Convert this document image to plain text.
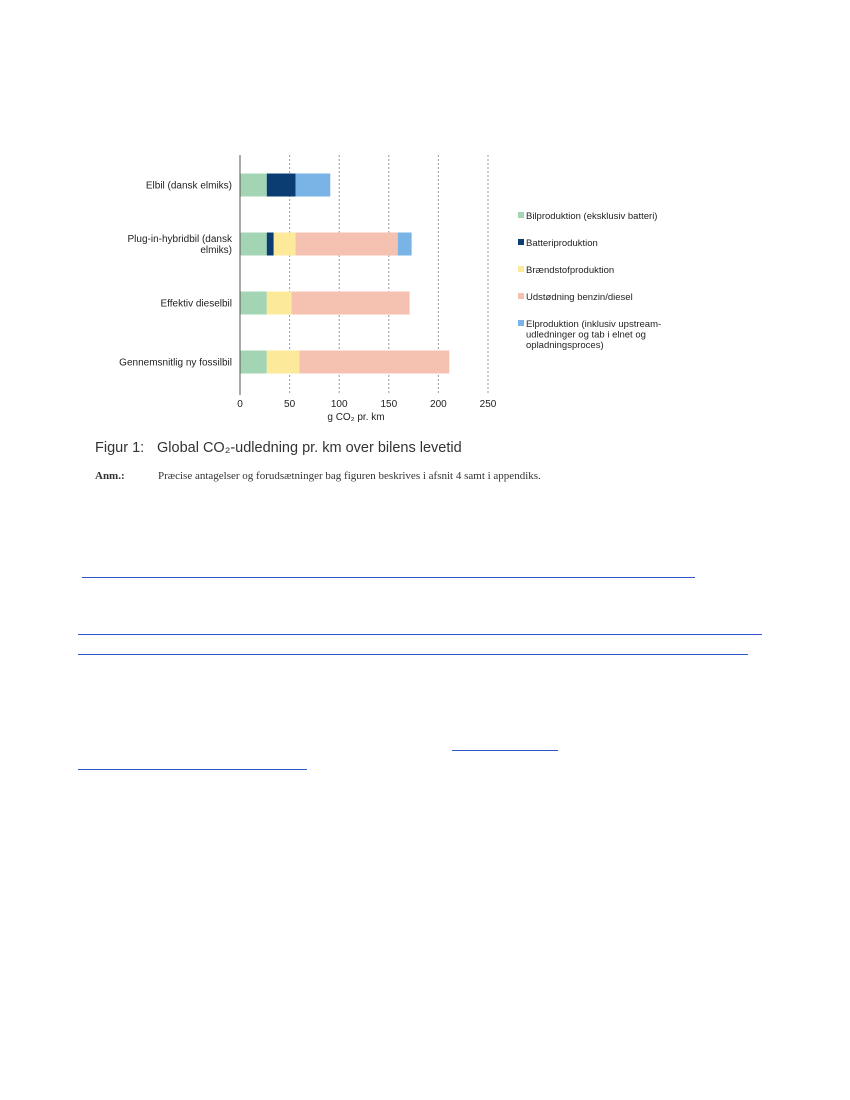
Elbil (dansk elmiks)
Plug-in-hybridbil (dansk
elmiks)
Effektiv dieselbil
Gennemsnitlig ny fossilbil
0	50	100	150	200	250
g CO₂ pr. km
Bilproduktion (eksklusiv batteri)
Batteriproduktion
Brændstofproduktion
Udstødning benzin/diesel
Elproduktion (inklusiv upstream-
udledninger og tab i elnet og
opladningsproces)
Figur 1: Global CO₂-udledning pr. km over bilens levetid
Anm.:	Præcise antagelser og forudsætninger bag figuren beskrives i afsnit 4 samt i appendiks.
